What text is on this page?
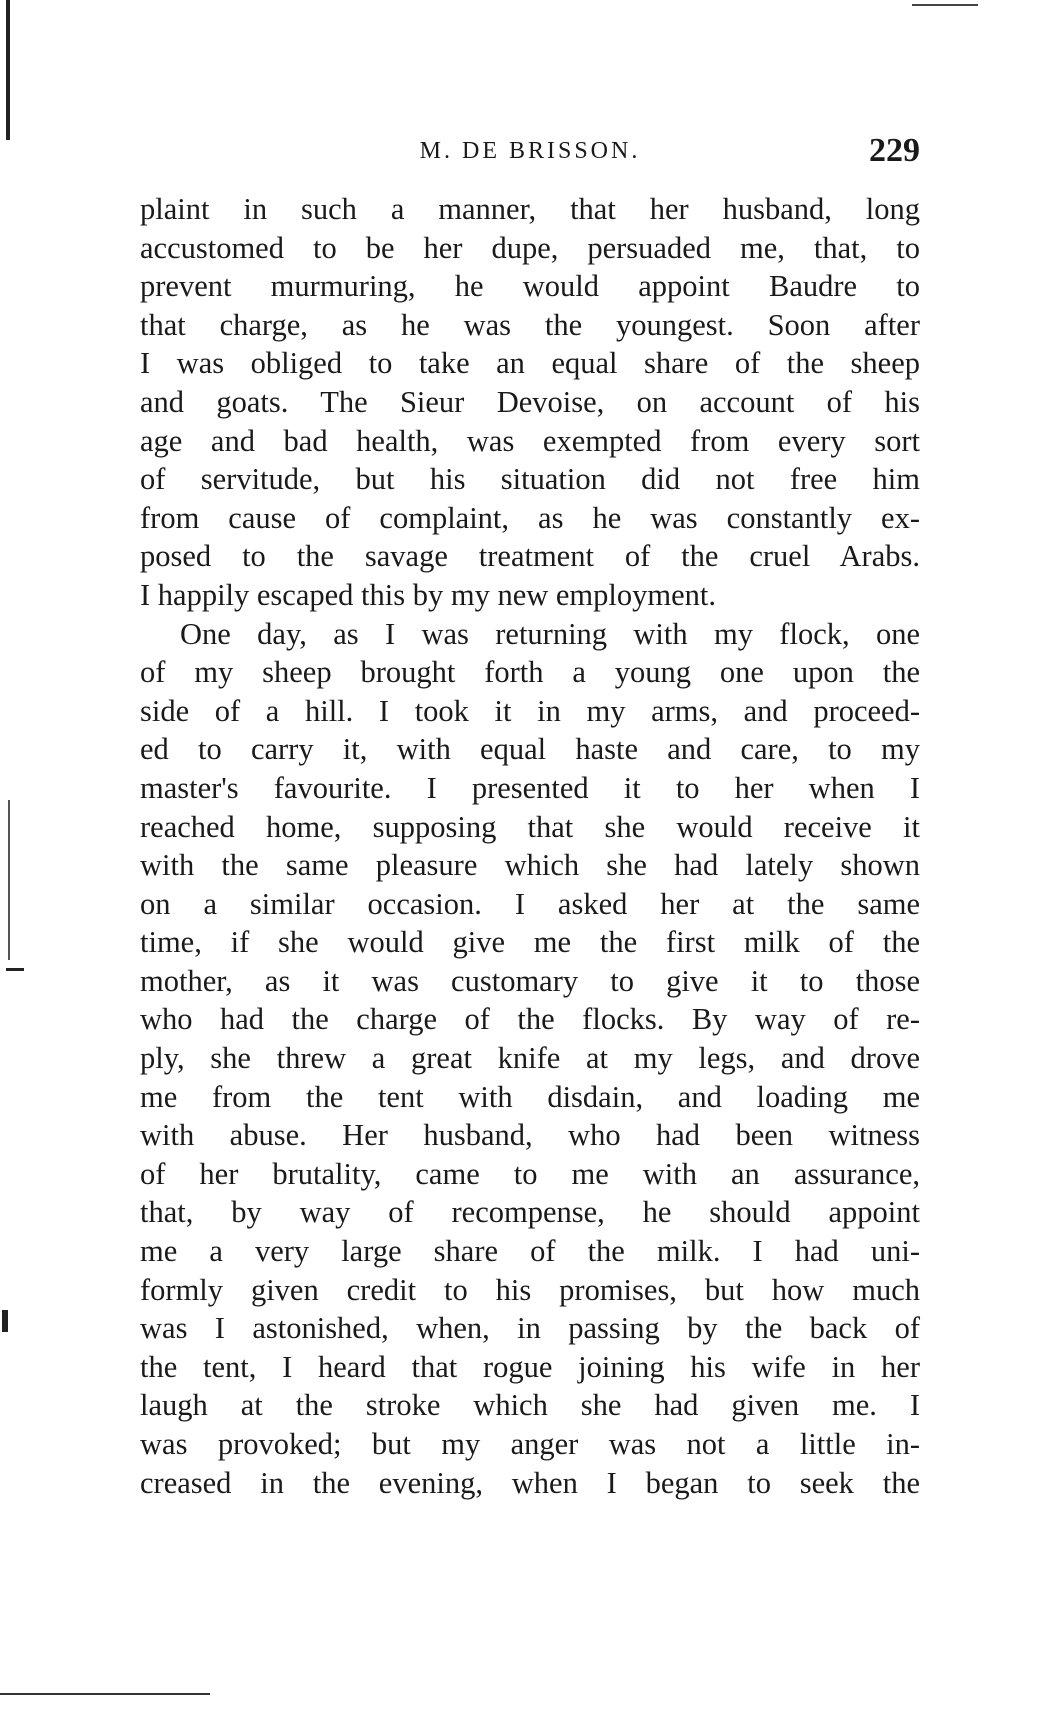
M. DE BRISSON.	229
plaint in such a manner, that her husband, long
accustomed to be her dupe, persuaded me, that, to
prevent murmuring, he would appoint Baudre to
that charge, as he was the youngest. Soon after
I was obliged to take an equal share of the sheep
and goats. The Sieur Devoise, on account of his
age and bad health, was exempted from every sort
of servitude, but his situation did not free him
from cause of complaint, as he was constantly ex-
posed to the savage treatment of the cruel Arabs.
I happily escaped this by my new employment.
One day, as I was returning with my flock, one
of my sheep brought forth a young one upon the
side of a hill. I took it in my arms, and proceed-
ed to carry it, with equal haste and care, to my
master's favourite. I presented it to her when I
reached home, supposing that she would receive it
with the same pleasure which she had lately shown
on a similar occasion. I asked her at the same
time, if she would give me the first milk of the
mother, as it was customary to give it to those
who had the charge of the flocks. By way of re-
ply, she threw a great knife at my legs, and drove
me from the tent with disdain, and loading me
with abuse. Her husband, who had been witness
of her brutality, came to me with an assurance,
that, by way of recompense, he should appoint
me a very large share of the milk. I had uni-
formly given credit to his promises, but how much
was I astonished, when, in passing by the back of
the tent, I heard that rogue joining his wife in her
laugh at the stroke which she had given me. I
was provoked; but my anger was not a little in-
creased in the evening, when I began to seek the
